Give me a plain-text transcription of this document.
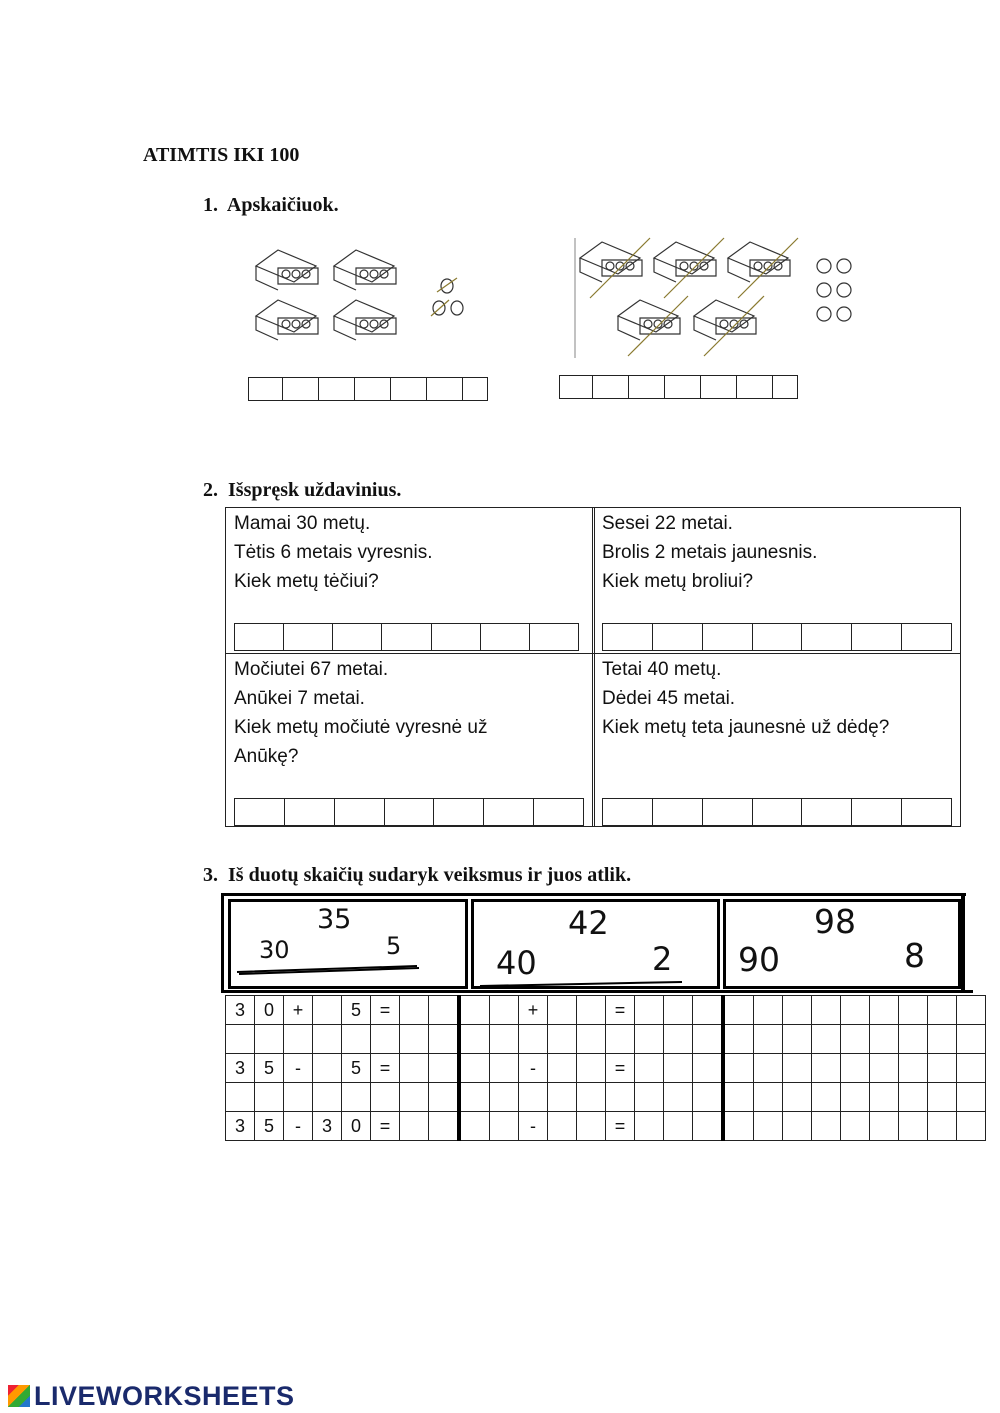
ATIMTIS IKI 100
1. Apskaičiuok.
2. Išspręsk uždavinius.
Mamai 30 metų.
Tėtis 6 metais vyresnis.
Kiek metų tėčiui?
Sesei 22 metai.
Brolis 2 metais jaunesnis.
Kiek metų broliui?
Močiutei 67 metai.
Anūkei 7 metai.
Kiek metų močiutė vyresnė už
Anūkę?
Tetai 40 metų.
Dėdei 45 metai.
Kiek metų teta jaunesnė už dėdę?
3. Iš duotų skaičių sudaryk veiksmus ir juos atlik.
35
30	5
42
40	2
98
90	8
3	0	+		5	=					+			=												

3	5	-		5	=					-			=												

3	5	-	3	0	=					-			=												
LIVEWORKSHEETS
